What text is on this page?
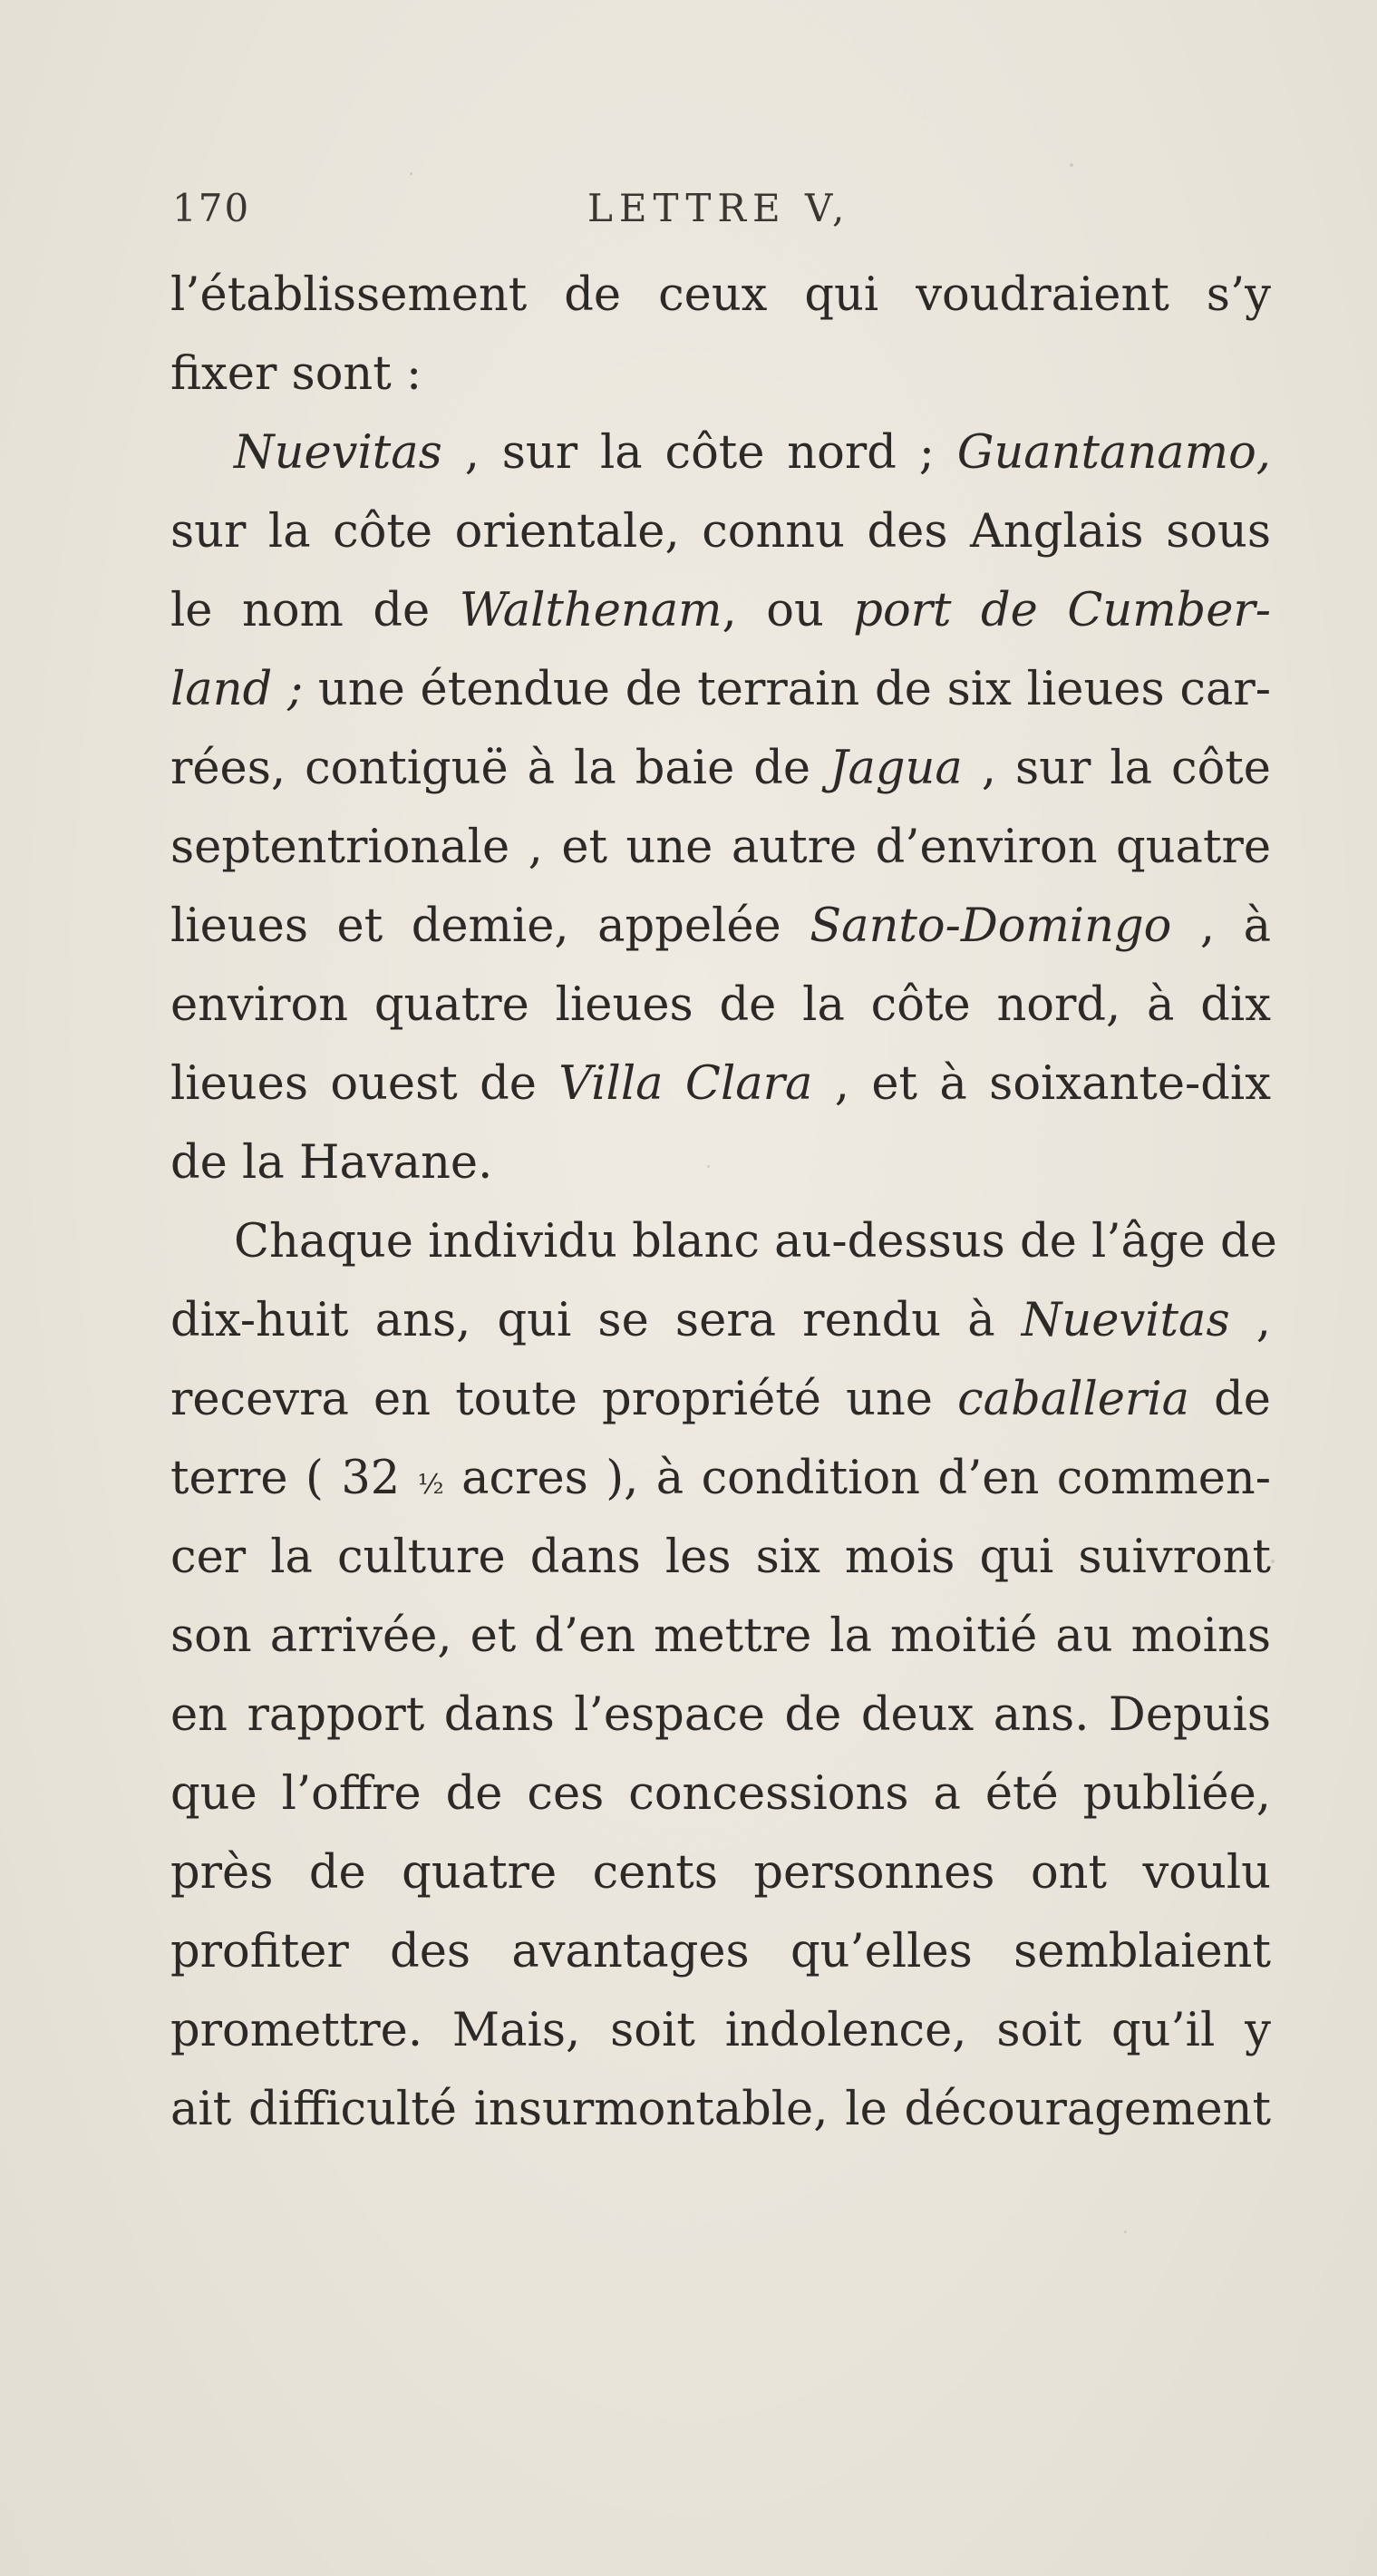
170	LETTRE V,
l’établissement de ceux qui voudraient s’y
fixer sont :
Nuevitas , sur la côte nord ; Guantanamo,
sur la côte orientale, connu des Anglais sous
le nom de Walthenam, ou port de Cumber-
land ; une étendue de terrain de six lieues car-
rées, contiguë à la baie de Jagua , sur la côte
septentrionale , et une autre d’environ quatre
lieues et demie, appelée Santo-Domingo , à
environ quatre lieues de la côte nord, à dix
lieues ouest de Villa Clara , et à soixante-dix
de la Havane.
Chaque individu blanc au-dessus de l’âge de
dix-huit ans, qui se sera rendu à Nuevitas ,
recevra en toute propriété une caballeria de
terre ( 32 ½ acres ), à condition d’en commen-
cer la culture dans les six mois qui suivront
son arrivée, et d’en mettre la moitié au moins
en rapport dans l’espace de deux ans. Depuis
que l’offre de ces concessions a été publiée,
près de quatre cents personnes ont voulu
profiter des avantages qu’elles semblaient
promettre. Mais, soit indolence, soit qu’il y
ait difficulté insurmontable, le découragement
